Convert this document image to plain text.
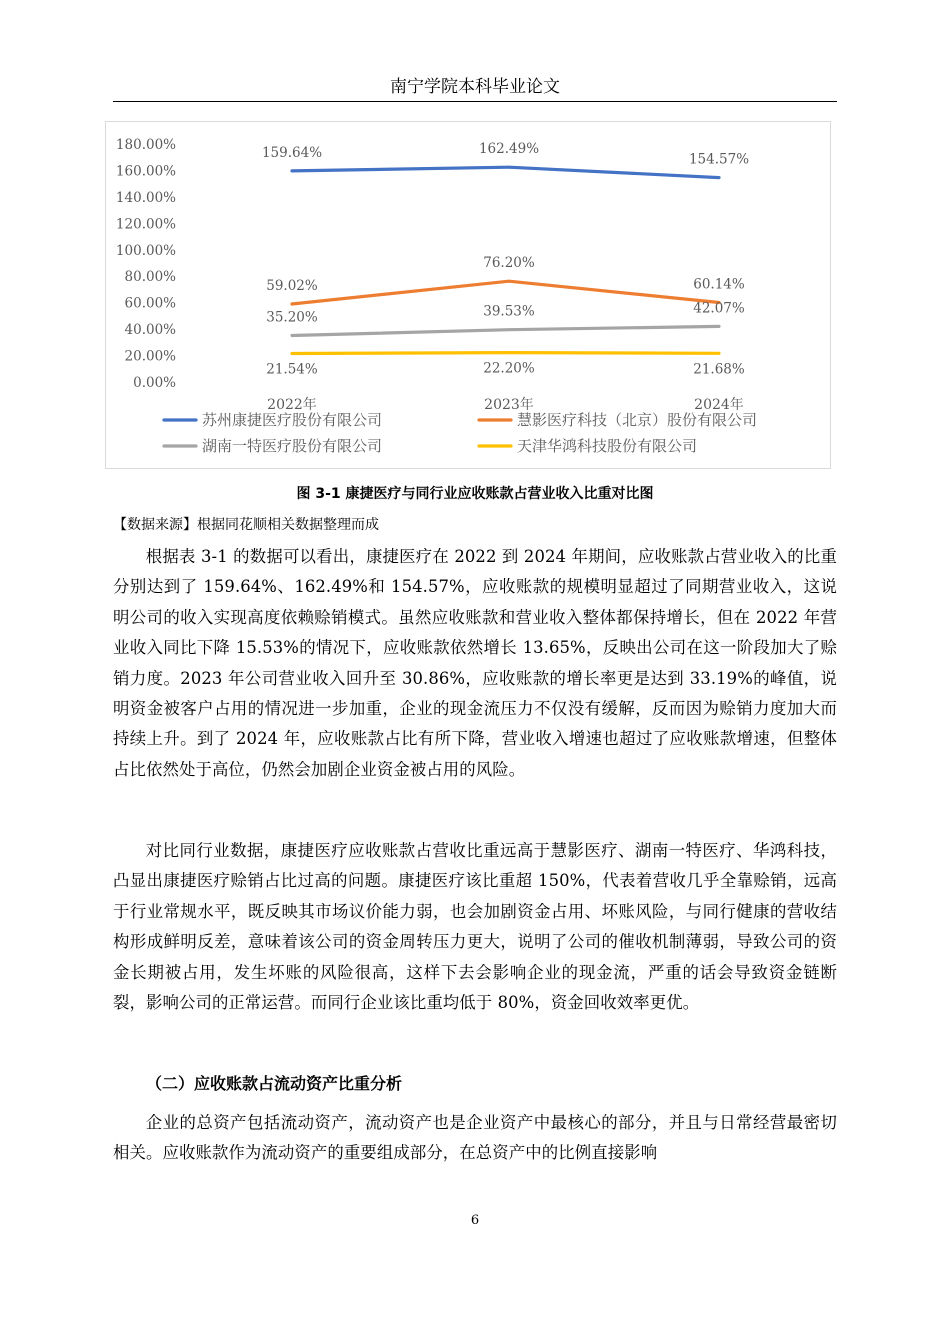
南宁学院本科毕业论文
0.00%
20.00%
40.00%
60.00%
80.00%
100.00%
120.00%
140.00%
160.00%
180.00%
2022年	2023年	2024年
159.64%	162.49%
154.57%
59.02%
76.20%
60.14%
35.20%	39.53%	42.07%
21.54%	22.20%	21.68%
苏州康捷医疗股份有限公司	慧影医疗科技（北京）股份有限公司
湖南一特医疗股份有限公司	天津华鸿科技股份有限公司
图 3-1 康捷医疗与同行业应收账款占营业收入比重对比图
【数据来源】根据同花顺相关数据整理而成

根据表 3-1 的数据可以看出，康捷医疗在 2022 到 2024 年期间，应收账款占营业收入的比重分别达到了 159.64%、162.49%和 154.57%，应收账款的规模明显超过了同期营业收入，这说明公司的收入实现高度依赖赊销模式。虽然应收账款和营业收入整体都保持增长，但在 2022 年营业收入同比下降 15.53%的情况下，应收账款依然增长 13.65%，反映出公司在这一阶段加大了赊销力度。2023 年公司营业收入回升至 30.86%，应收账款的增长率更是达到 33.19%的峰值，说明资金被客户占用的情况进一步加重，企业的现金流压力不仅没有缓解，反而因为赊销力度加大而持续上升。到了 2024 年，应收账款占比有所下降，营业收入增速也超过了应收账款增速，但整体占比依然处于高位，仍然会加剧企业资金被占用的风险。

对比同行业数据，康捷医疗应收账款占营收比重远高于慧影医疗、湖南一特医疗、华鸿科技，凸显出康捷医疗赊销占比过高的问题。康捷医疗该比重超 150%，代表着营收几乎全靠赊销，远高于行业常规水平，既反映其市场议价能力弱，也会加剧资金占用、坏账风险，与同行健康的营收结构形成鲜明反差，意味着该公司的资金周转压力更大，说明了公司的催收机制薄弱，导致公司的资金长期被占用，发生坏账的风险很高，这样下去会影响企业的现金流，严重的话会导致资金链断裂，影响公司的正常运营。而同行企业该比重均低于 80%，资金回收效率更优。

（二）应收账款占流动资产比重分析

企业的总资产包括流动资产，流动资产也是企业资产中最核心的部分，并且与日常经营最密切相关。应收账款作为流动资产的重要组成部分，在总资产中的比例直接影响

6
